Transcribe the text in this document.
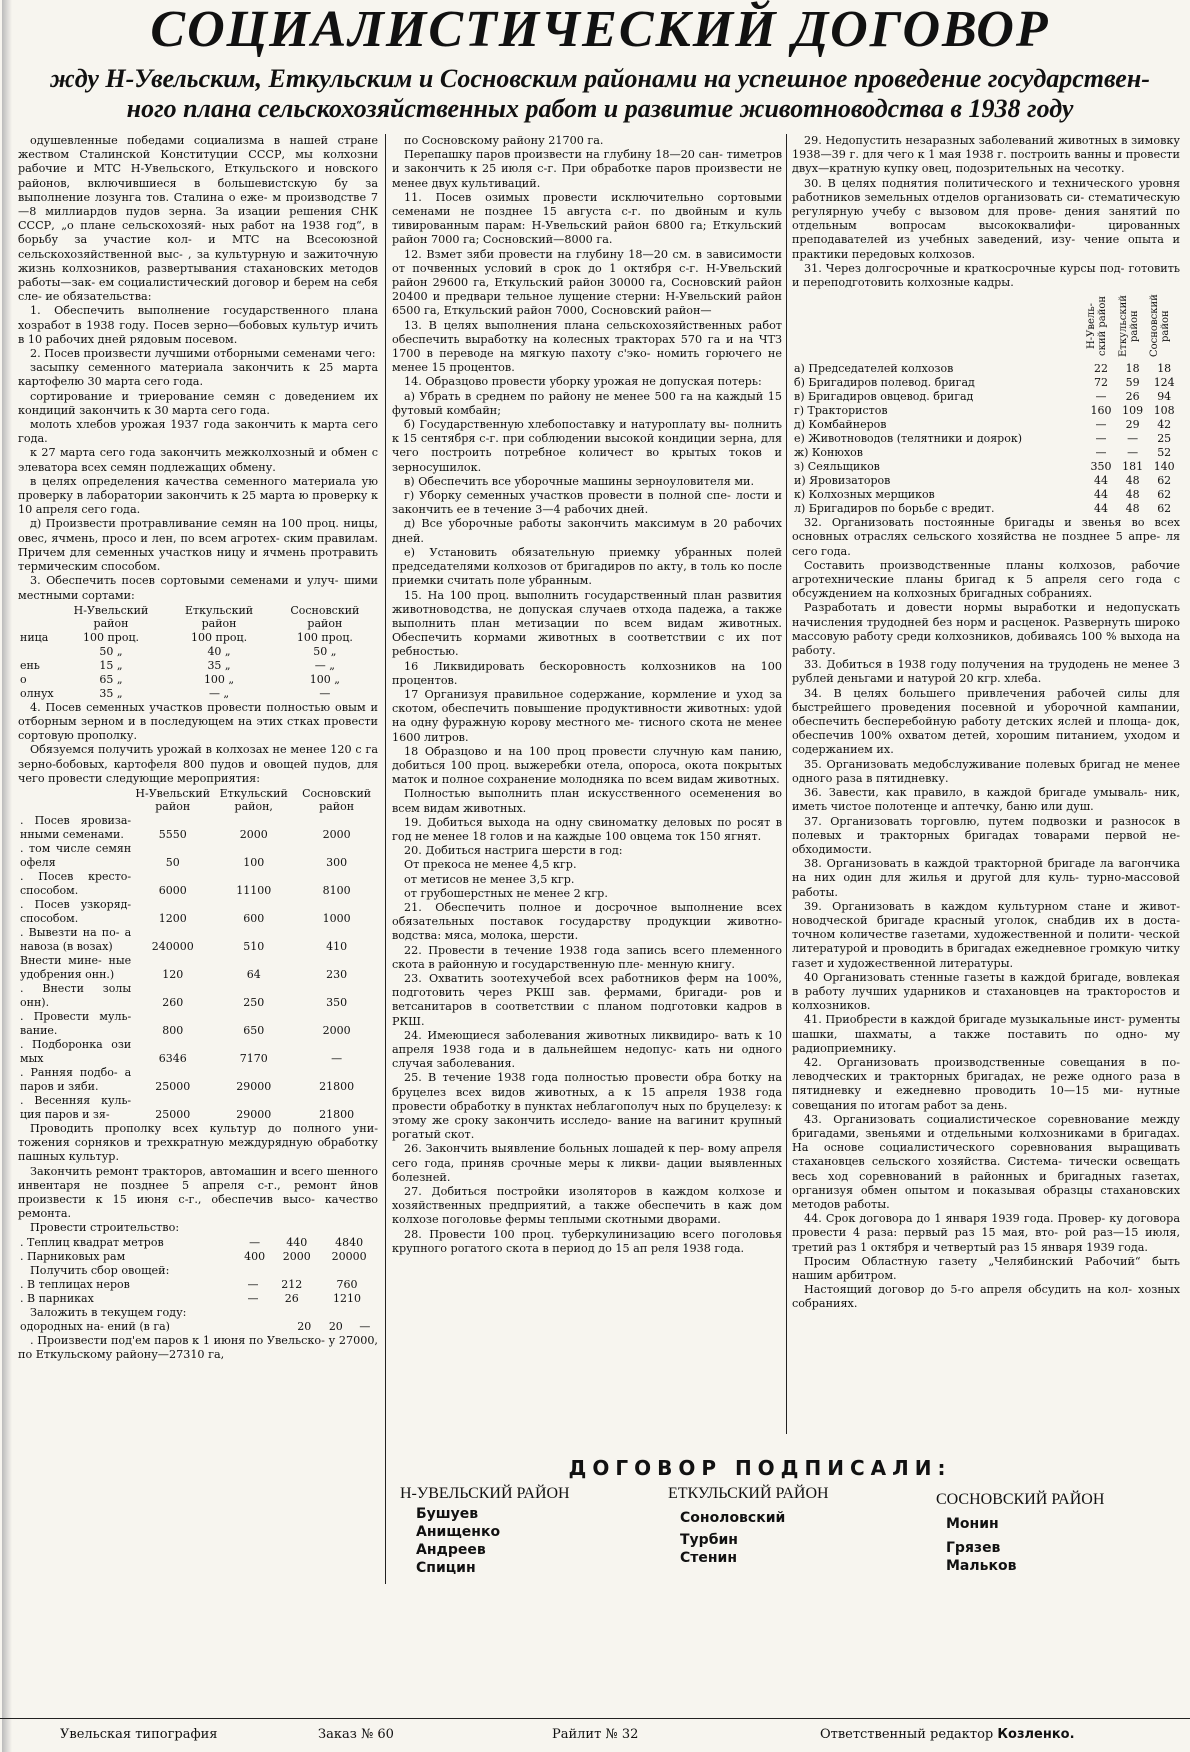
СОЦИАЛИСТИЧЕСКИЙ ДОГОВОР
жду Н-Увельским, Еткульским и Сосновским районами на успешное проведение государствен-
ного плана сельскохозяйственных работ и развитие животноводства в 1938 году

одушевленные победами социализма в нашей стране жеством Сталинской Конституции СССР, мы колхозни рабочие и МТС Н-Увельского, Еткульского и новского районов, включившиеся в большевистскую бу за выполнение лозунга тов. Сталина о еже- м производстве 7—8 миллиардов пудов зерна. За изации решения СНК СССР, „о плане сельскохозяй- ных работ на 1938 год“, в борьбу за участие кол- и МТС на Всесоюзной сельскохозяйственной выс- , за культурную и зажиточную жизнь колхозников, развертывания стахановских методов работы—зак- ем социалистический договор и берем на себя сле- ие обязательства:

1. Обеспечить выполнение государственного плана хозработ в 1938 году. Посев зерно—бобовых культур ичить в 10 рабочих дней рядовым посевом.

2. Посев произвести лучшими отборными семенами чего:

засыпку семенного материала закончить к 25 марта картофелю 30 марта сего года.

сортирование и триерование семян с доведением их кондиций закончить к 30 марта сего года.

молоть хлебов урожая 1937 года закончить к марта сего года.

к 27 марта сего года закончить межколхозный и обмен с элеватора всех семян подлежащих обмену.

в целях определения качества семенного материала ую проверку в лаборатории закончить к 25 марта ю проверку к 10 апреля сего года.

д) Произвести протравливание семян на 100 проц. ницы, овес, ячмень, просо и лен, по всем агротех- ским правилам. Причем для семенных участков ницу и ячмень протравить термическим способом.

3. Обеспечить посев сортовыми семенами и улуч- шими местными сортами:

	Н-Увельский район	Еткульский район	Сосновский район
ница	100 проц.	100 проц.	100 проц.
	50 „	40 „	50 „
ень	15 „	35 „	— „
о	65 „	100 „	100 „
олнух	35 „	— „	—

4. Посев семенных участков провести полностью овым и отборным зерном и в последующем на этих стках провести сортовую прополку.

Обязуемся получить урожай в колхозах не менее 120 с га зерно-бобовых, картофеля 800 пудов и овощей пудов, для чего провести следующие мероприятия:

	Н-Увельский район	Еткульский район,	Сосновский район
. Посев яровиза- нными семенами.	5550	2000	2000
. том числе семян офеля	50	100	300
. Посев кресто- способом.	6000	11100	8100
. Посев узкоряд- способом.	1200	600	1000
. Вывезти на по- а навоза (в возах)	240000	510	410
Внести мине- ные удобрения онн.)	120	64	230
. Внести золы онн).	260	250	350
. Провести муль- вание.	800	650	2000
. Подборонка ози мых	6346	7170	—
. Ранняя подбо- а паров и зяби.	25000	29000	21800
. Весенняя куль- ция паров и зя-	25000	29000	21800

Проводить прополку всех культур до полного уни- тожения сорняков и трехкратную междурядную обработку пашных культур.

Закончить ремонт тракторов, автомашин и всего шенного инвентаря не позднее 5 апреля с-г., ремонт йнов произвести к 15 июня с-г., обеспечив высо- качество ремонта.

Провести строительство:

. Теплиц квадрат метров	—	440	4840
. Парниковых рам	400	2000	20000

Получить сбор овощей:

. В теплицах неров	—	212	760
. В парниках	—	26	1210

Заложить в текущем году:

одородных на- ений (в га)	20	20	—

. Произвести под'ем паров к 1 июня по Увельско- у 27000, по Еткульскому району—27310 га,

по Сосновскому району 21700 га.

Перепашку паров произвести на глубину 18—20 сан- тиметров и закончить к 25 июля с-г. При обработке паров произвести не менее двух культиваций.

11. Посев озимых провести исключительно сортовыми семенами не позднее 15 августа с-г. по двойным и куль тивированным парам: Н-Увельский район 6800 га; Еткульский район 7000 га; Сосновский—8000 га.

12. Взмет зяби провести на глубину 18—20 см. в зависимости от почвенных условий в срок до 1 октября с-г. Н-Увельский район 29600 га, Еткульский район 30000 га, Сосновский район 20400 и предвари тельное лущение стерни: Н-Увельский район 6500 га, Еткульский район 7000, Сосновский район—

13. В целях выполнения плана сельскохозяйственных работ обеспечить выработку на колесных тракторах 570 га и на ЧТЗ 1700 в переводе на мягкую пахоту с'эко- номить горючего не менее 15 процентов.

14. Образцово провести уборку урожая не допуская потерь:

а) Убрать в среднем по району не менее 500 га на каждый 15 футовый комбайн;

б) Государственную хлебопоставку и натуроплату вы- полнить к 15 сентября с-г. при соблюдении высокой кондиции зерна, для чего построить потребное количест во крытых токов и зерносушилок.

в) Обеспечить все уборочные машины зерноуловителя ми.

г) Уборку семенных участков провести в полной спе- лости и закончить ее в течение 3—4 рабочих дней.

д) Все уборочные работы закончить максимум в 20 рабочих дней.

е) Установить обязательную приемку убранных полей председателями колхозов от бригадиров по акту, в толь ко после приемки считать поле убранным.

15. На 100 проц. выполнить государственный план развития животноводства, не допуская случаев отхода падежа, а также выполнить план метизации по всем видам животных. Обеспечить кормами животных в соответствии с их пот ребностью.

16 Ликвидировать бескоровность колхозников на 100 процентов.

17 Организуя правильное содержание, кормление и уход за скотом, обеспечить повышение продуктивности животных: удой на одну фуражную корову местного ме- тисного скота не менее 1600 литров.

18 Образцово и на 100 проц провести случную кам панию, добиться 100 проц. выжеребки отела, опороса, окота покрытых маток и полное сохранение молодняка по всем видам животных.

Полностью выполнить план искусственного осеменения во всем видам животных.

19. Добиться выхода на одну свиноматку деловых по росят в год не менее 18 голов и на каждые 100 овцема ток 150 ягнят.

20. Добиться настрига шерсти в год:

От прекоса не менее 4,5 кгр.

от метисов не менее 3,5 кгр.

от грубошерстных не менее 2 кгр.

21. Обеспечить полное и досрочное выполнение всех обязательных поставок государству продукции животно- водства: мяса, молока, шерсти.

22. Провести в течение 1938 года запись всего племенного скота в районную и государственную пле- менную книгу.

23. Охватить зоотехучебой всех работников ферм на 100%, подготовить через РКШ зав. фермами, бригади- ров и ветсанитаров в соответствии с планом подготовки кадров в РКШ.

24. Имеющиеся заболевания животных ликвидиро- вать к 10 апреля 1938 года и в дальнейшем недопус- кать ни одного случая заболевания.

25. В течение 1938 года полностью провести обра ботку на бруцелез всех видов животных, а к 15 апреля 1938 года провести обработку в пунктах неблагополуч ных по бруцелезу: к этому же сроку закончить исследо- вание на вагинит крупный рогатый скот.

26. Закончить выявление больных лошадей к пер- вому апреля сего года, приняв срочные меры к ликви- дации выявленных болезней.

27. Добиться постройки изоляторов в каждом колхозе и хозяйственных предприятий, а также обеспечить в каж дом колхозе поголовье фермы теплыми скотными дворами.

28. Провести 100 проц. туберкулинизацию всего поголовья крупного рогатого скота в период до 15 ап реля 1938 года.

29. Недопустить незаразных заболеваний животных в зимовку 1938—39 г. для чего к 1 мая 1938 г. построить ванны и провести двух—кратную купку овец, подозрительных на чесотку.

30. В целях поднятия политического и технического уровня работников земельных отделов организовать си- стематическую регулярную учебу с вызовом для прове- дения занятий по отдельным вопросам высококвалифи- цированных преподавателей из учебных заведений, изу- чение опыта и практики передовых колхозов.

31. Через долгосрочные и краткосрочные курсы под- готовить и переподготовить колхозные кадры.

	Н-Увель- ский район	Еткульский район	Сосновский район

а) Председателей колхозов	22	18	18
б) Бригадиров полевод. бригад	72	59	124
в) Бригадиров овцевод. бригад	—	26	94
г) Трактористов	160	109	108
д) Комбайнеров	—	29	42
е) Животноводов (телятники и доярок)	—	—	25
ж) Конюхов	—	—	52
з) Сеяльщиков	350	181	140
и) Яровизаторов	44	48	62
к) Колхозных мерщиков	44	48	62
л) Бригадиров по борьбе с вредит.	44	48	62

32. Организовать постоянные бригады и звенья во всех основных отраслях сельского хозяйства не позднее 5 апре- ля сего года.

Составить производственные планы колхозов, рабочие агротехнические планы бригад к 5 апреля сего года с обсуждением на колхозных бригадных собраниях.

Разработать и довести нормы выработки и недопускать начисления трудодней без норм и расценок. Развернуть широко массовую работу среди колхозников, добиваясь 100 % выхода на работу.

33. Добиться в 1938 году получения на трудодень не менее 3 рублей деньгами и натурой 20 кгр. хлеба.

34. В целях большего привлечения рабочей силы для быстрейшего проведения посевной и уборочной кампании, обеспечить бесперебойную работу детских яслей и площа- док, обеспечив 100% охватом детей, хорошим питанием, уходом и содержанием их.

35. Организовать медобслуживание полевых бригад не менее одного раза в пятидневку.

36. Завести, как правило, в каждой бригаде умываль- ник, иметь чистое полотенце и аптечку, баню или душ.

37. Организовать торговлю, путем подвозки и разносок в полевых и тракторных бригадах товарами первой не- обходимости.

38. Организовать в каждой тракторной бригаде ла вагончика на них один для жилья и другой для куль- турно-массовой работы.

39. Организовать в каждом культурном стане и живот- новодческой бригаде красный уголок, снабдив их в доста- точном количестве газетами, художественной и полити- ческой литературой и проводить в бригадах ежедневное громкую читку газет и художественной литературы.

40 Организовать стенные газеты в каждой бригаде, вовлекая в работу лучших ударников и стахановцев на тракторостов и колхозников.

41. Приобрести в каждой бригаде музыкальные инст- рументы шашки, шахматы, а также поставить по одно- му радиоприемнику.

42. Организовать производственные совещания в по- леводческих и тракторных бригадах, не реже одного раза в пятидневку и ежедневно проводить 10—15 ми- нутные совещания по итогам работ за день.

43. Организовать социалистическое соревнование между бригадами, звеньями и отдельными колхозниками в бригадах. На основе социалистического соревнования выращивать стахановцев сельского хозяйства. Система- тически освещать весь ход соревнований в районных и бригадных газетах, организуя обмен опытом и показывая образцы стахановских методов работы.

44. Срок договора до 1 января 1939 года. Провер- ку договора провести 4 раза: первый раз 15 мая, вто- рой раз—15 июля, третий раз 1 октября и четвертый раз 15 января 1939 года.

Просим Областную газету „Челябинский Рабочий“ быть нашим арбитром.

Настоящий договор до 5-го апреля обсудить на кол- хозных собраниях.

ДОГОВОР ПОДПИСАЛИ:
Н-УВЕЛЬСКИЙ РАЙОН
Бушуев
Анищенко
Андреев
Спицин
ЕТКУЛЬСКИЙ РАЙОН
Соноловский
Турбин
Стенин
СОСНОВСКИЙ РАЙОН
Монин
Грязев
Мальков
Увельская типография	Заказ № 60	Райлит № 32	Ответственный редактор Козленко.
